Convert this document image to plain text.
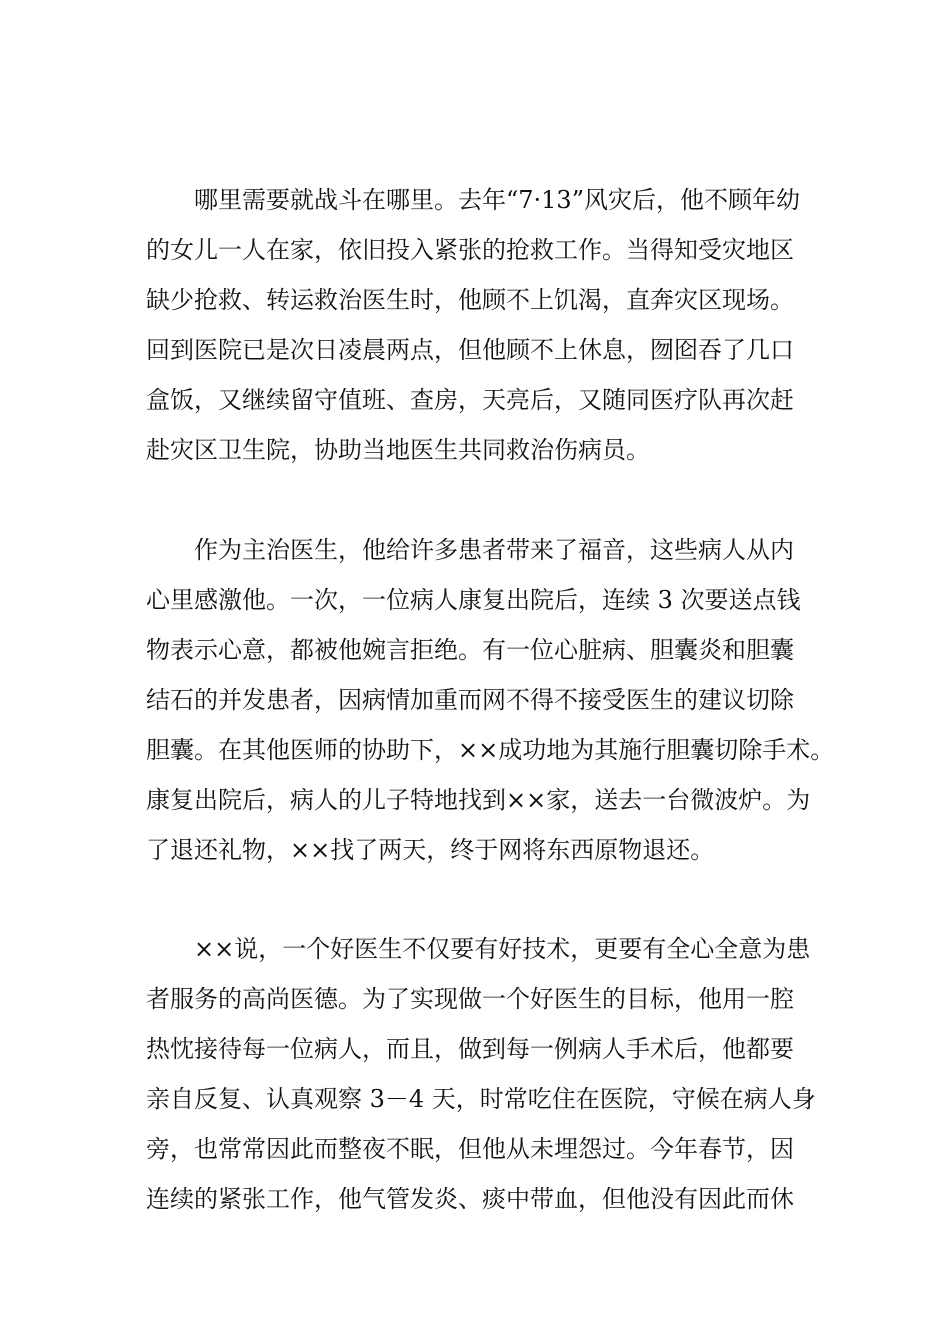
哪里需要就战斗在哪里。去年“7·13”风灾后，他不顾年幼
的女儿一人在家，依旧投入紧张的抢救工作。当得知受灾地区
缺少抢救、转运救治医生时，他顾不上饥渴，直奔灾区现场。
回到医院已是次日凌晨两点，但他顾不上休息，囫囵吞了几口
盒饭，又继续留守值班、查房，天亮后，又随同医疗队再次赶
赴灾区卫生院，协助当地医生共同救治伤病员。
作为主治医生，他给许多患者带来了福音，这些病人从内
心里感激他。一次，一位病人康复出院后，连续 3 次要送点钱
物表示心意，都被他婉言拒绝。有一位心脏病、胆囊炎和胆囊
结石的并发患者，因病情加重而网不得不接受医生的建议切除
胆囊。在其他医师的协助下，××成功地为其施行胆囊切除手术。
康复出院后，病人的儿子特地找到××家，送去一台微波炉。为
了退还礼物，××找了两天，终于网将东西原物退还。
××说，一个好医生不仅要有好技术，更要有全心全意为患
者服务的高尚医德。为了实现做一个好医生的目标，他用一腔
热忱接待每一位病人，而且，做到每一例病人手术后，他都要
亲自反复、认真观察 3－4 天，时常吃住在医院，守候在病人身
旁，也常常因此而整夜不眠，但他从未埋怨过。今年春节，因
连续的紧张工作，他气管发炎、痰中带血，但他没有因此而休
